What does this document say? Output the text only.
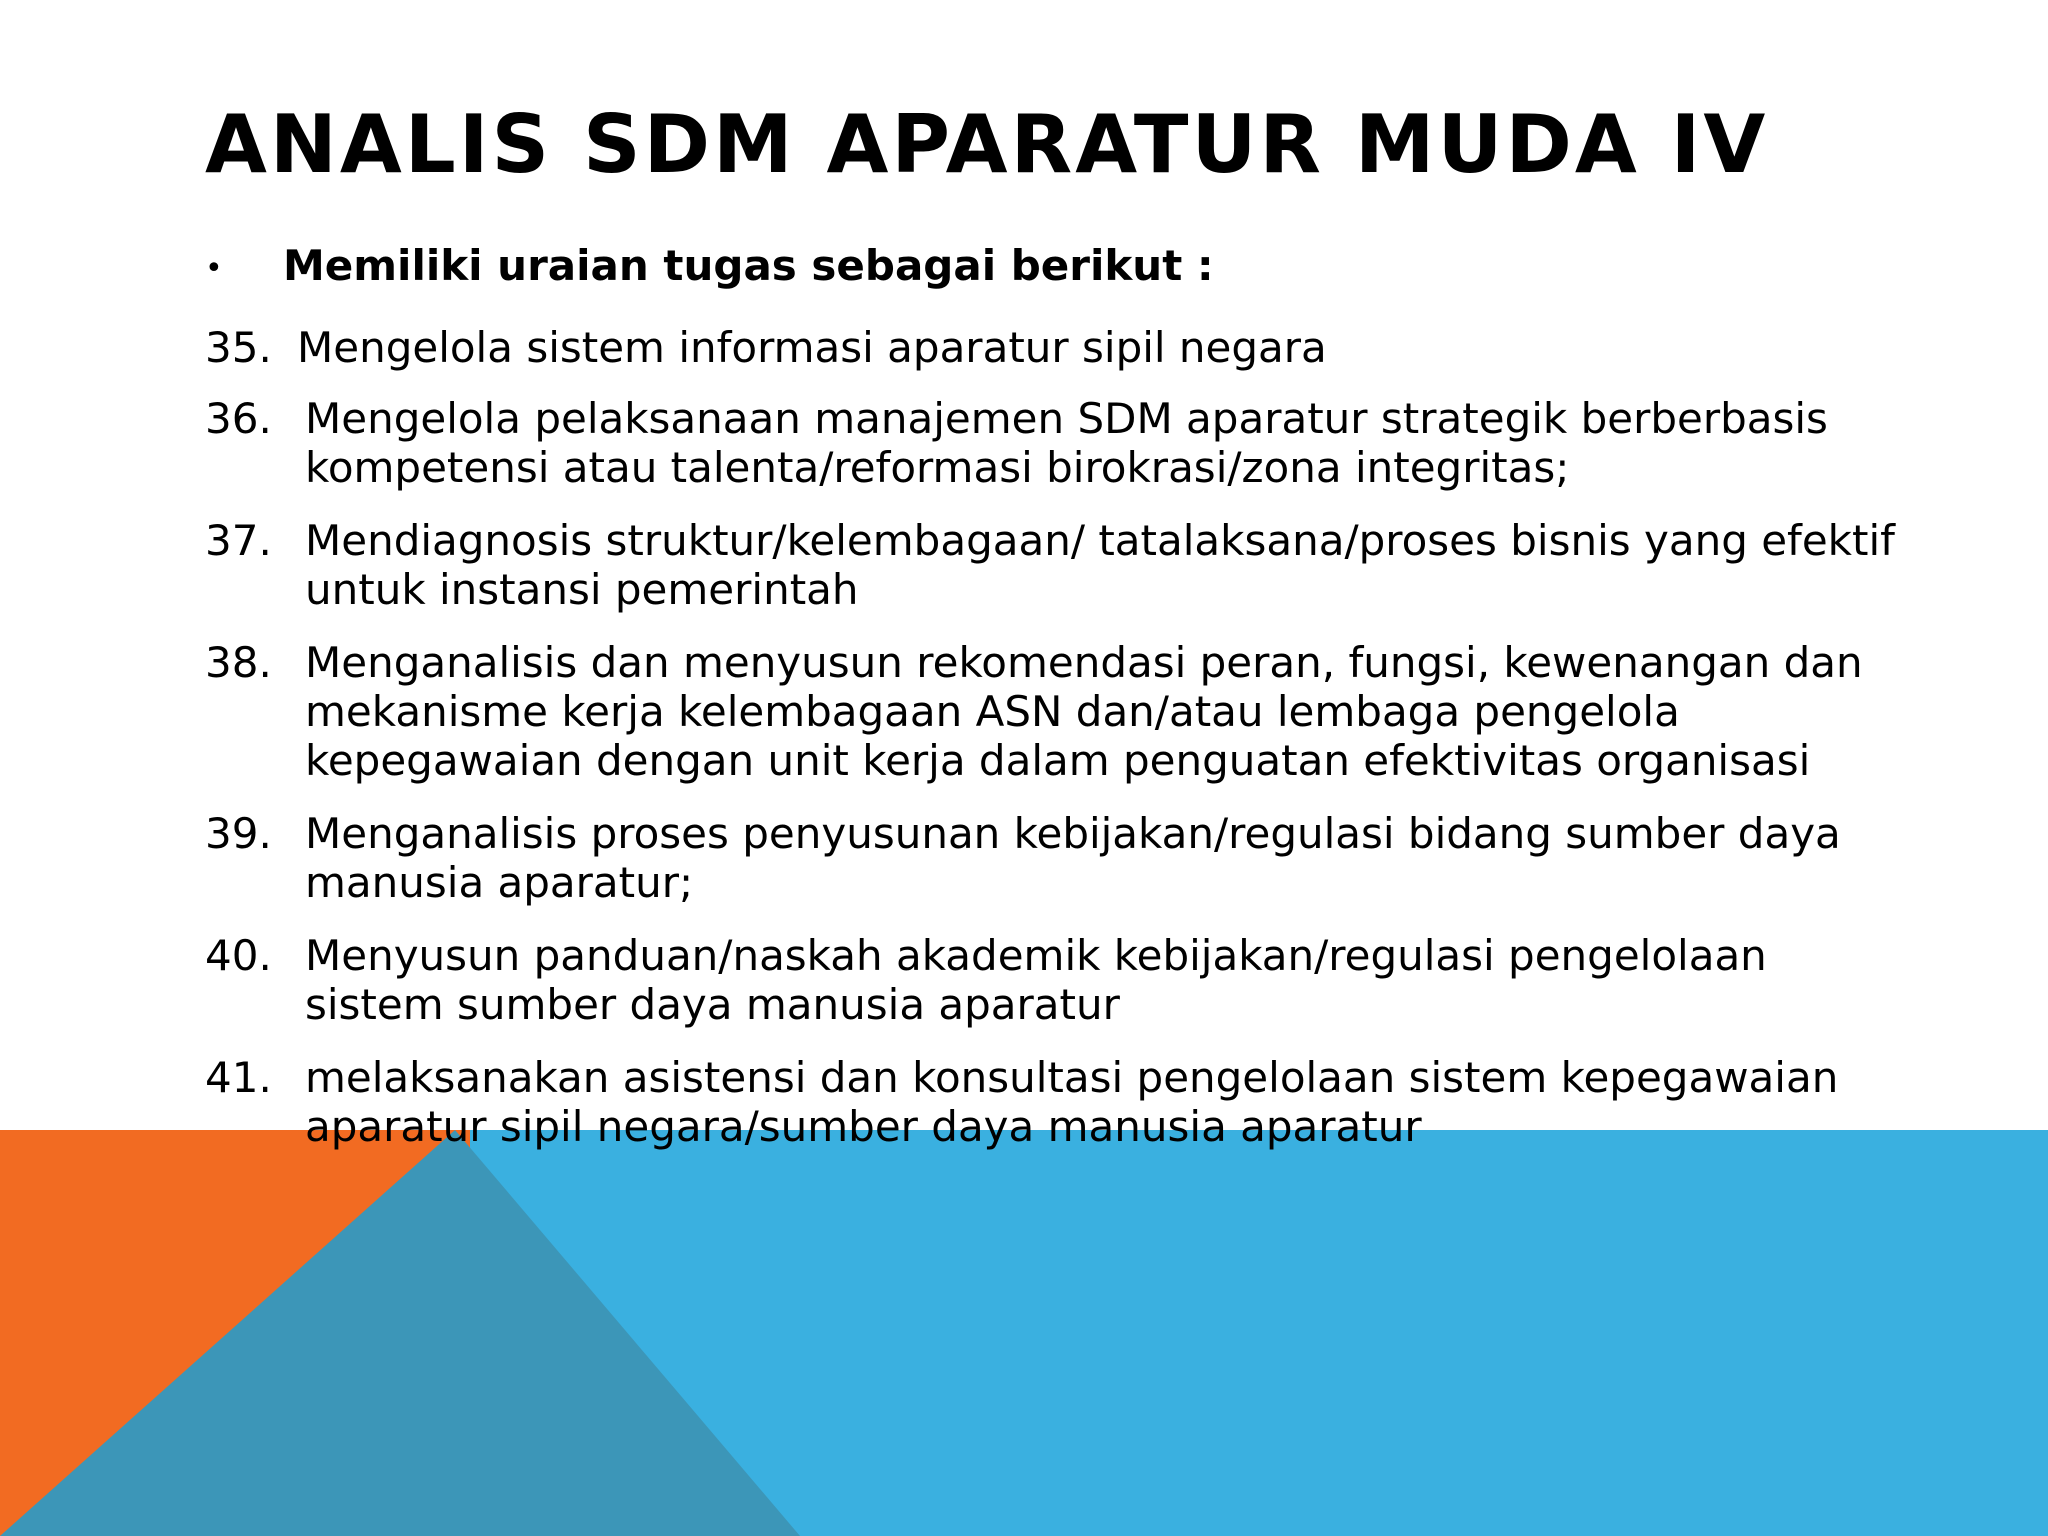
ANALIS SDM APARATUR MUDA IV
• Memiliki uraian tugas sebagai berikut :
35. Mengelola sistem informasi aparatur sipil negara
36. Mengelola pelaksanaan manajemen SDM aparatur strategik berberbasis kompetensi atau talenta/reformasi birokrasi/zona integritas;
37. Mendiagnosis struktur/kelembagaan/ tatalaksana/proses bisnis yang efektif untuk instansi pemerintah
38. Menganalisis dan menyusun rekomendasi peran, fungsi, kewenangan dan mekanisme kerja kelembagaan ASN dan/atau lembaga pengelola kepegawaian dengan unit kerja dalam penguatan efektivitas organisasi
39. Menganalisis proses penyusunan kebijakan/regulasi bidang sumber daya manusia aparatur;
40. Menyusun panduan/naskah akademik kebijakan/regulasi pengelolaan sistem sumber daya manusia aparatur
41. melaksanakan asistensi dan konsultasi pengelolaan sistem kepegawaian aparatur sipil negara/sumber daya manusia aparatur
